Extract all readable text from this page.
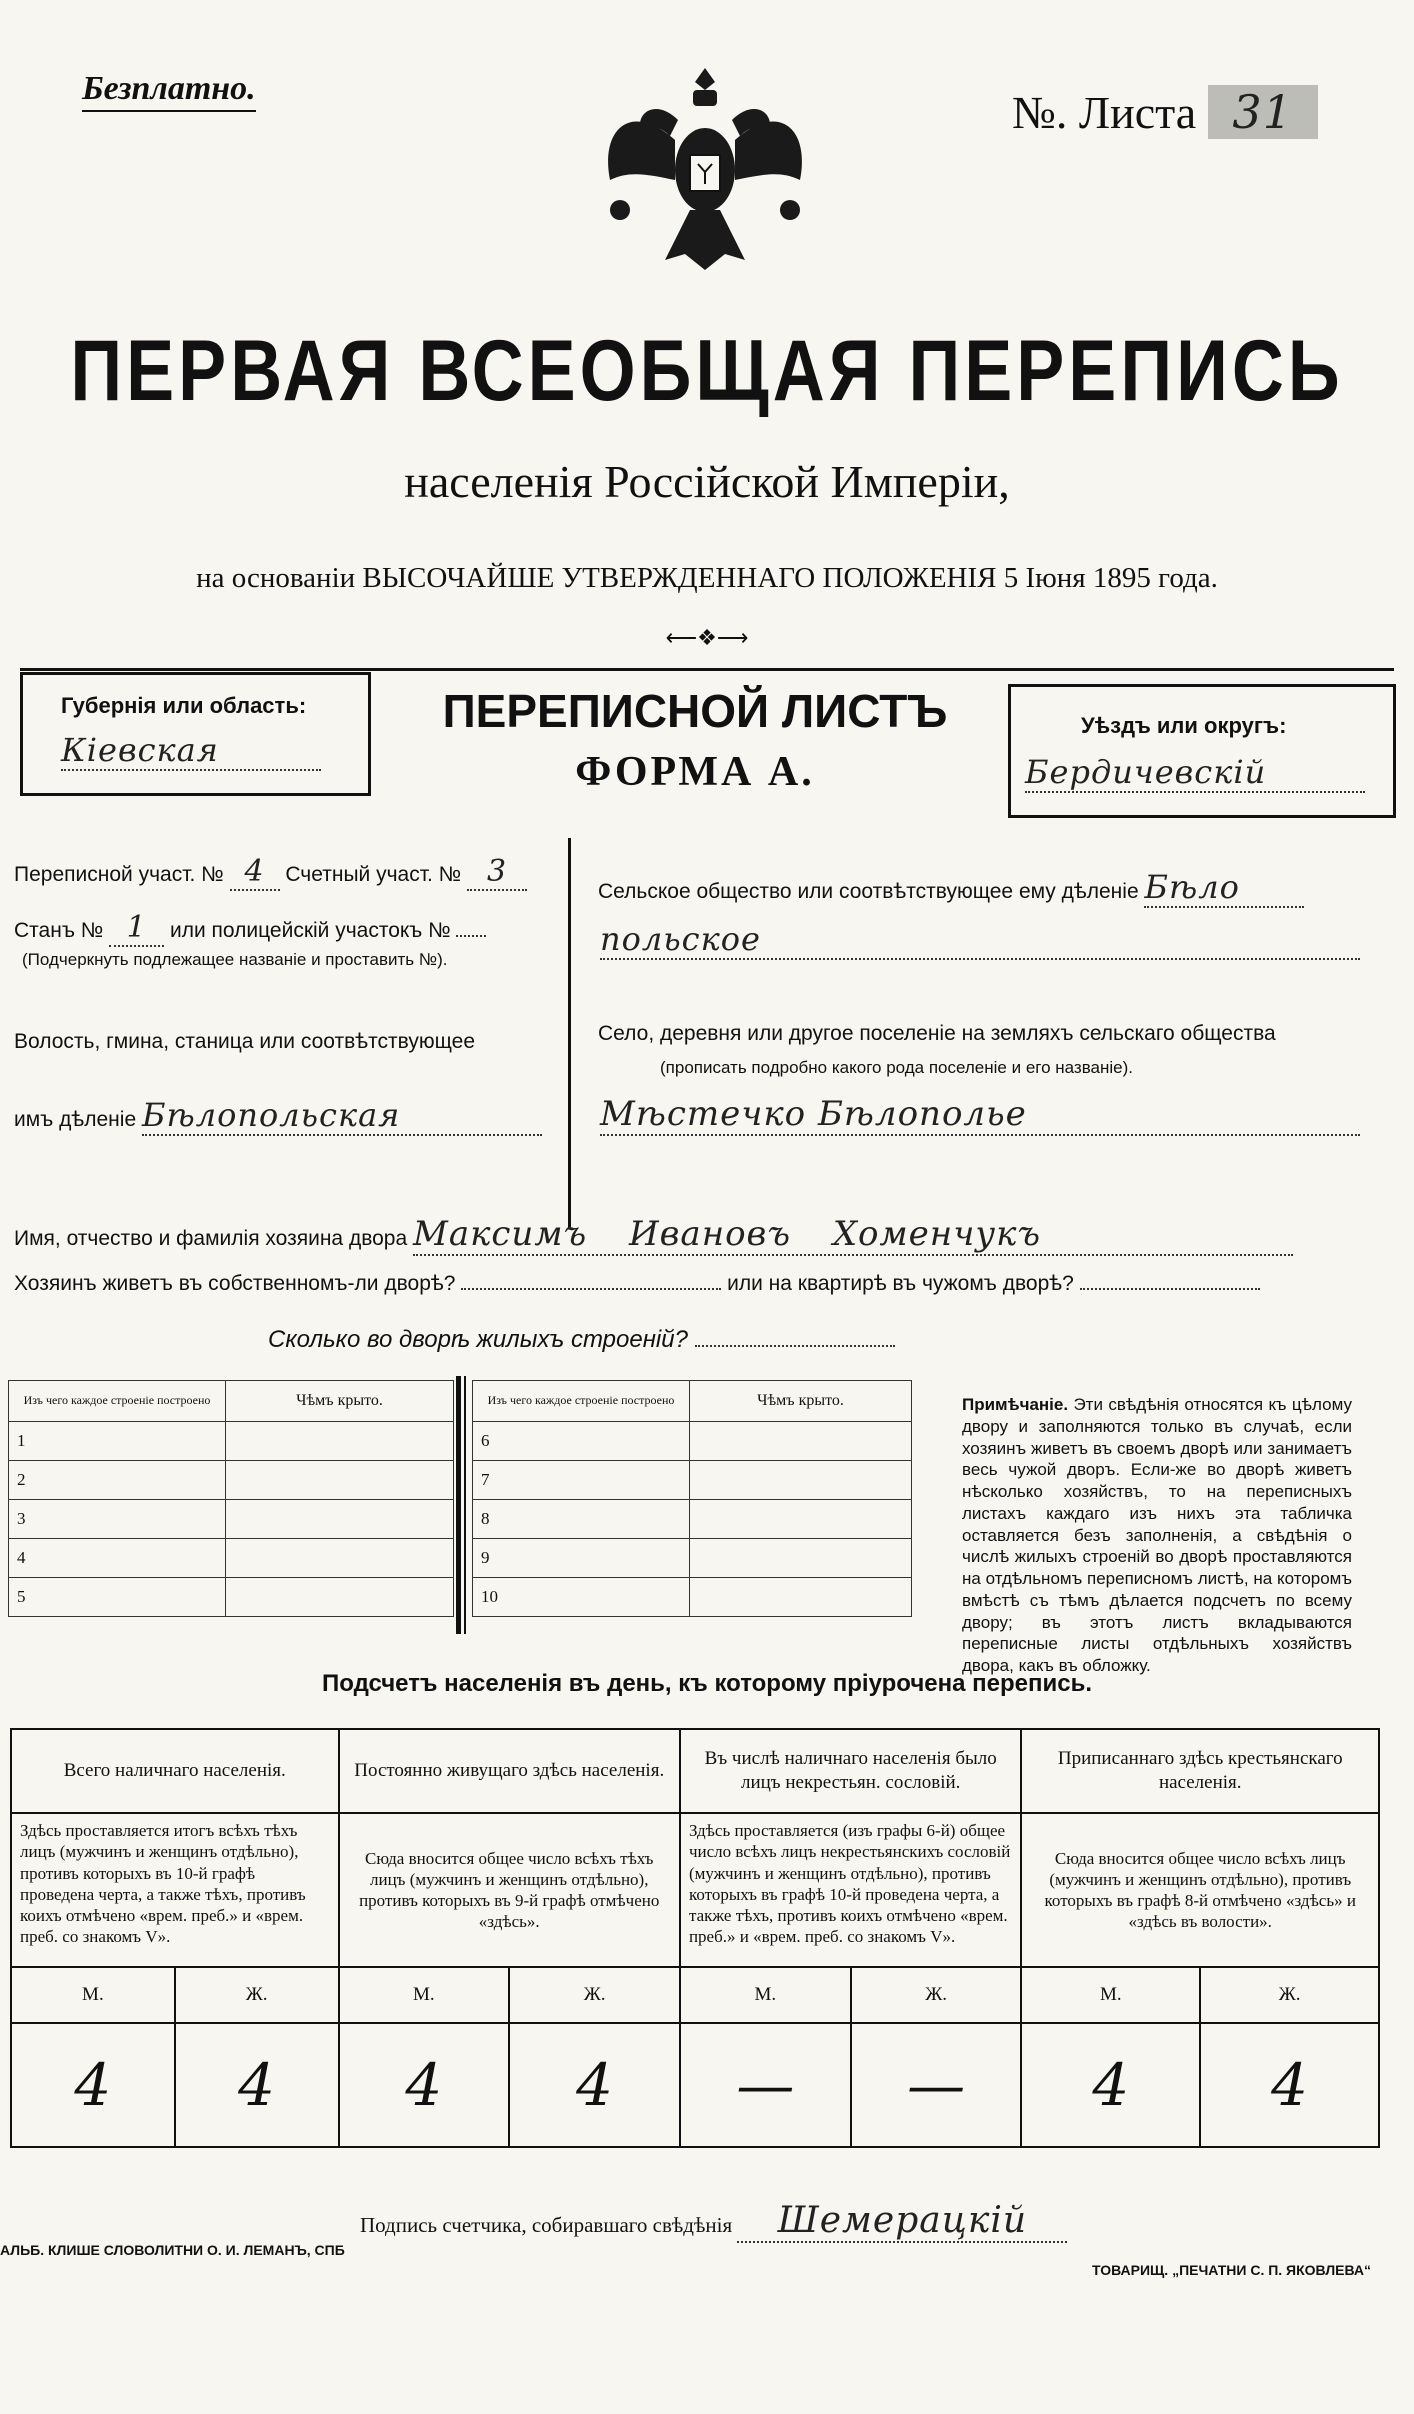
Безплатно.	№. Листа 31
ПЕРВАЯ ВСЕОБЩАЯ ПЕРЕПИСЬ
населенія Россійской Имперіи,
на основаніи ВЫСОЧАЙШЕ УТВЕРЖДЕННАГО ПОЛОЖЕНІЯ 5 Іюня 1895 года.
⟵❖⟶
Губернія или область:
Кіевская
ПЕРЕПИСНОЙ ЛИСТЪ
ФОРМА А.
Уѣздъ или округъ:
Бердичевскій
Переписной участ. № 4 Счетный участ. № 3
Станъ № 1 или полицейскій участокъ №
(Подчеркнуть подлежащее названіе и проставить №).
Волость, гмина, станица или соотвѣтствующее
имъ дѣленіе Бѣлопольская
Сельское общество или соотвѣтствующее ему дѣленіе Бѣло
польское
Село, деревня или другое поселеніе на земляхъ сельскаго общества
(прописать подробно какого рода поселеніе и его названіе).
Мѣстечко Бѣлополье
Имя, отчество и фамилія хозяина двора Максимъ Ивановъ Хоменчукъ
Хозяинъ живетъ въ собственномъ-ли дворѣ?	или на квартирѣ въ чужомъ дворѣ?
Сколько во дворѣ жилыхъ строеній?
Изъ чего каждое строеніе построено	Чѣмъ крыто.
1	
2	
3	
4	
5	
Изъ чего каждое строеніе построено	Чѣмъ крыто.
6	
7	
8	
9	
10	
Примѣчаніе. Эти свѣдѣнія относятся къ цѣлому двору и заполняются только въ случаѣ, если хозяинъ живетъ въ своемъ дворѣ или занимаетъ весь чужой дворъ. Если-же во дворѣ живетъ нѣсколько хозяйствъ, то на переписныхъ листахъ каждаго изъ нихъ эта табличка оставляется безъ заполненія, а свѣдѣнія о числѣ жилыхъ строеній во дворѣ проставляются на отдѣльномъ переписномъ листѣ, на которомъ вмѣстѣ съ тѣмъ дѣлается подсчетъ по всему двору; въ этотъ листъ вкладываются переписные листы отдѣльныхъ хозяйствъ двора, какъ въ обложку.
Подсчетъ населенія въ день, къ которому пріурочена перепись.
Всего наличнаго населенія.		Постоянно живущаго здѣсь населенія.		Въ числѣ наличнаго населенія было лицъ некрестьян. сословій.		Приписаннаго здѣсь крестьянскаго населенія.	
Здѣсь проставляется итогъ всѣхъ тѣхъ лицъ (мужчинъ и женщинъ отдѣльно), противъ которыхъ въ 10-й графѣ проведена черта, а также тѣхъ, противъ коихъ отмѣчено «врем. преб.» и «врем. преб. со знакомъ V».		Сюда вносится общее число всѣхъ тѣхъ лицъ (мужчинъ и женщинъ отдѣльно), противъ которыхъ въ 9-й графѣ отмѣчено «здѣсь».		Здѣсь проставляется (изъ графы 6-й) общее число всѣхъ лицъ некрестьянскихъ сословій (мужчинъ и женщинъ отдѣльно), противъ которыхъ въ графѣ 10-й проведена черта, а также тѣхъ, противъ коихъ отмѣчено «врем. преб.» и «врем. преб. со знакомъ V».		Сюда вносится общее число всѣхъ лицъ (мужчинъ и женщинъ отдѣльно), противъ которыхъ въ графѣ 8-й отмѣчено «здѣсь» и «здѣсь въ волости».	
М.	Ж.	М.	Ж.	М.	Ж.	М.	Ж.
4	4	4	4	—	—	4	4
Подпись счетчика, собиравшаго свѣдѣнія Шемерацкій
АЛЬБ. КЛИШЕ СЛОВОЛИТНИ О. И. ЛЕМАНЪ, СПБ
ТОВАРИЩ. „ПЕЧАТНИ С. П. ЯКОВЛЕВА“
